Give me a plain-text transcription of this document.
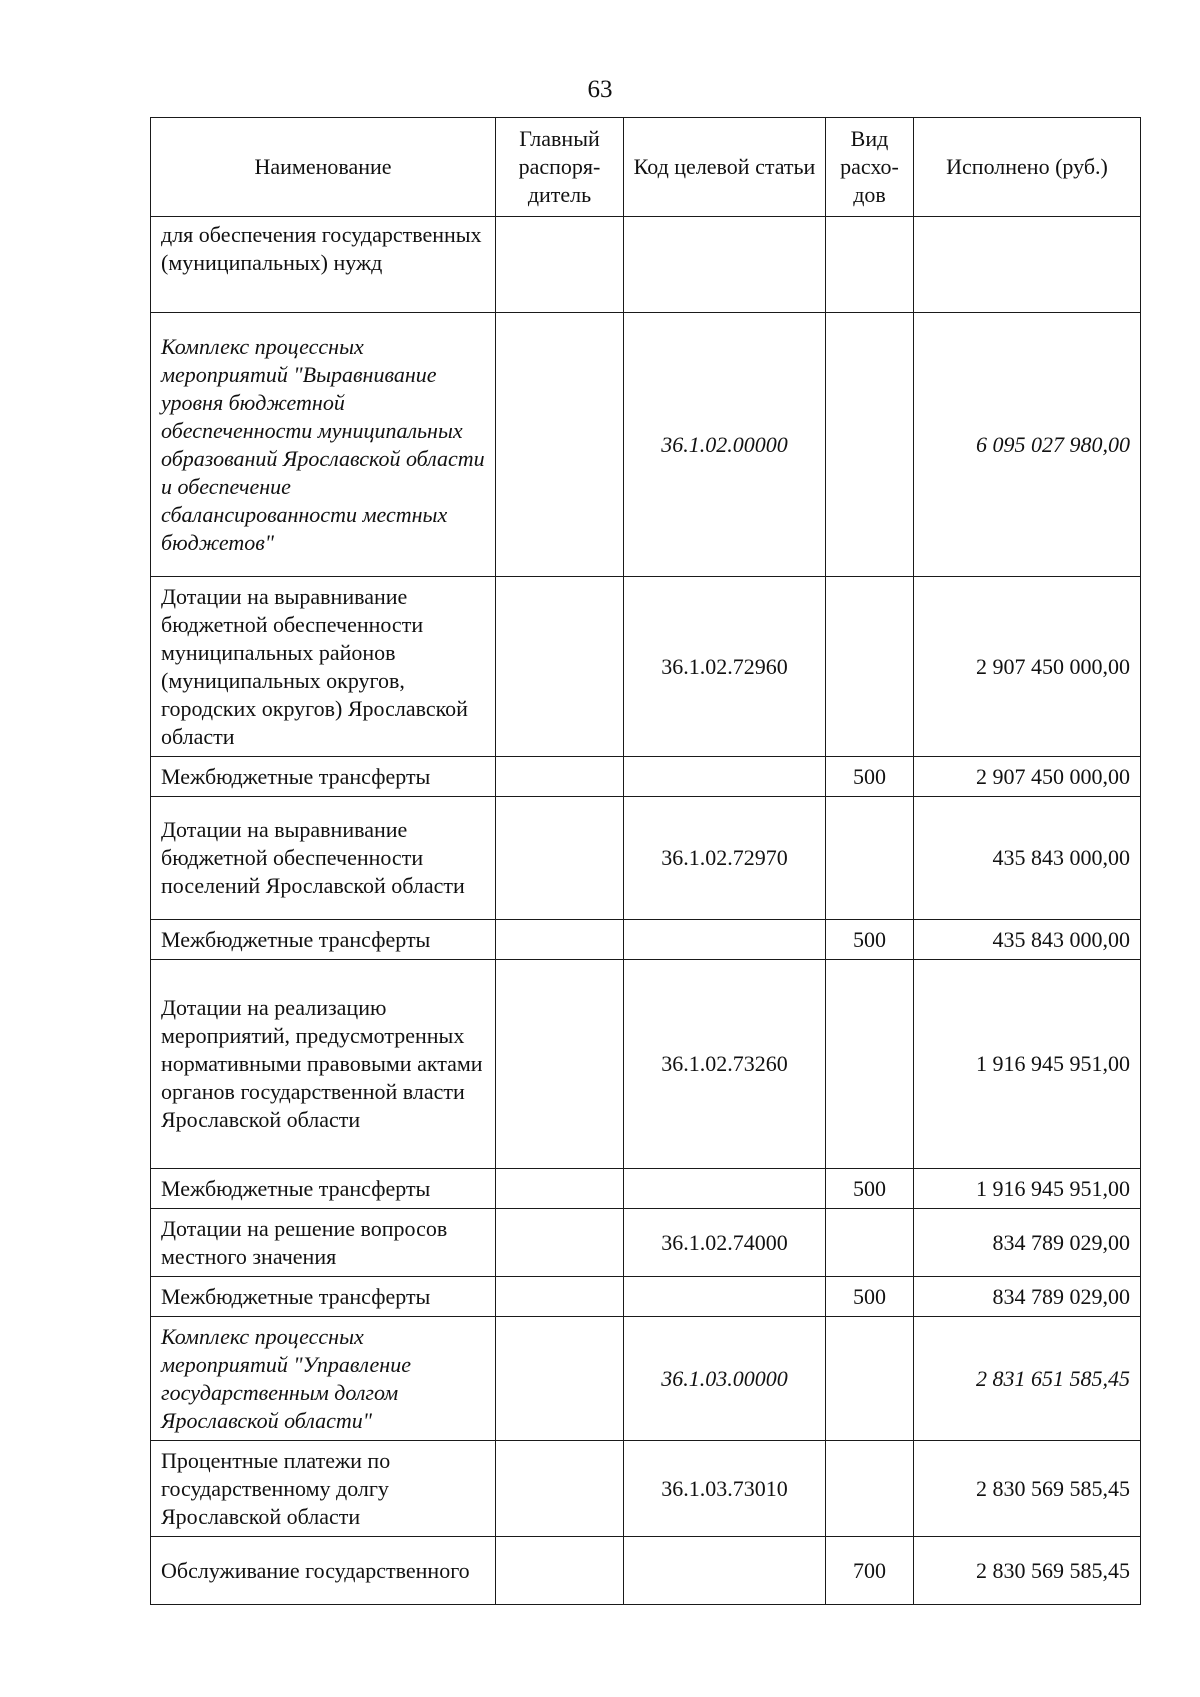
63
Наименование	Главный распоря-дитель	Код целевой статьи	Вид расхо-дов	Исполнено (руб.)
для обеспечения государственных (муниципальных) нужд				
Комплекс процессных мероприятий "Выравнивание уровня бюджетной обеспеченности муниципальных образований Ярославской области и обеспечение сбалансированности местных бюджетов"		36.1.02.00000		6 095 027 980,00
Дотации на выравнивание бюджетной обеспеченности муниципальных районов (муниципальных округов, городских округов) Ярославской области		36.1.02.72960		2 907 450 000,00
Межбюджетные трансферты			500	2 907 450 000,00
Дотации на выравнивание бюджетной обеспеченности поселений Ярославской области		36.1.02.72970		435 843 000,00
Межбюджетные трансферты			500	435 843 000,00
Дотации на реализацию мероприятий, предусмотренных нормативными правовыми актами органов государственной власти Ярославской области		36.1.02.73260		1 916 945 951,00
Межбюджетные трансферты			500	1 916 945 951,00
Дотации на решение вопросов местного значения		36.1.02.74000		834 789 029,00
Межбюджетные трансферты			500	834 789 029,00
Комплекс процессных мероприятий "Управление государственным долгом Ярославской области"		36.1.03.00000		2 831 651 585,45
Процентные платежи по государственному долгу Ярославской области		36.1.03.73010		2 830 569 585,45
Обслуживание государственного			700	2 830 569 585,45
